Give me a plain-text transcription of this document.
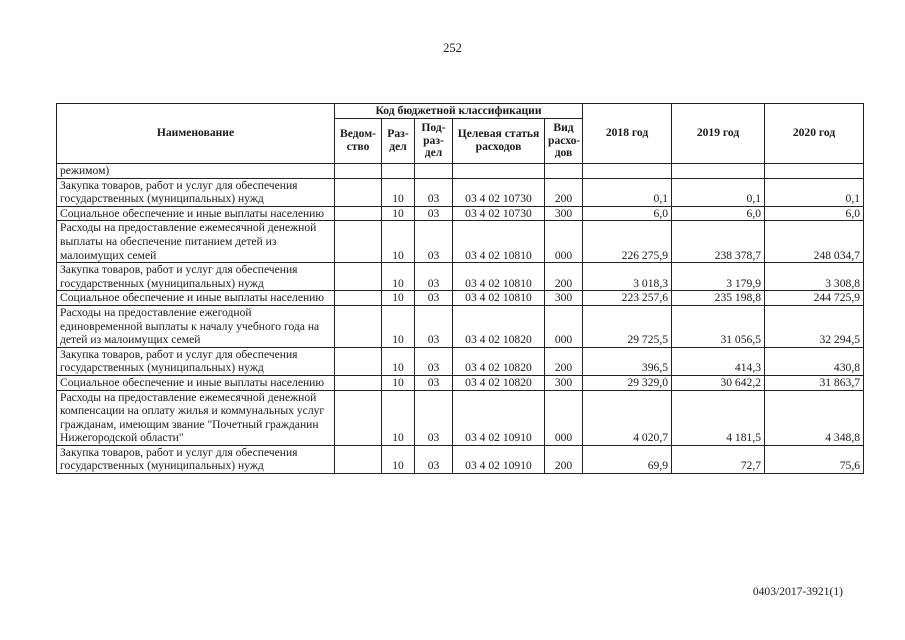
252
Наименование	Код бюджетной классификации					2018 год	2019 год	2020 год
	Ведом-ство	Раз-дел	Под-раз-дел	Целевая статья расходов	Вид расхо-дов			
режимом)								
Закупка товаров, работ и услуг для обеспечения государственных (муниципальных) нужд		10	03	03 4 02 10730	200	0,1	0,1	0,1
Социальное обеспечение и иные выплаты населению		10	03	03 4 02 10730	300	6,0	6,0	6,0
Расходы на предоставление ежемесячной денежной выплаты на обеспечение питанием детей из малоимущих семей		10	03	03 4 02 10810	000	226 275,9	238 378,7	248 034,7
Закупка товаров, работ и услуг для обеспечения государственных (муниципальных) нужд		10	03	03 4 02 10810	200	3 018,3	3 179,9	3 308,8
Социальное обеспечение и иные выплаты населению		10	03	03 4 02 10810	300	223 257,6	235 198,8	244 725,9
Расходы на предоставление ежегодной единовременной выплаты к началу учебного года на детей из малоимущих семей		10	03	03 4 02 10820	000	29 725,5	31 056,5	32 294,5
Закупка товаров, работ и услуг для обеспечения государственных (муниципальных) нужд		10	03	03 4 02 10820	200	396,5	414,3	430,8
Социальное обеспечение и иные выплаты населению		10	03	03 4 02 10820	300	29 329,0	30 642,2	31 863,7
Расходы на предоставление ежемесячной денежной компенсации на оплату жилья и коммунальных услуг гражданам, имеющим звание "Почетный гражданин Нижегородской области"		10	03	03 4 02 10910	000	4 020,7	4 181,5	4 348,8
Закупка товаров, работ и услуг для обеспечения государственных (муниципальных) нужд		10	03	03 4 02 10910	200	69,9	72,7	75,6
0403/2017-3921(1)
